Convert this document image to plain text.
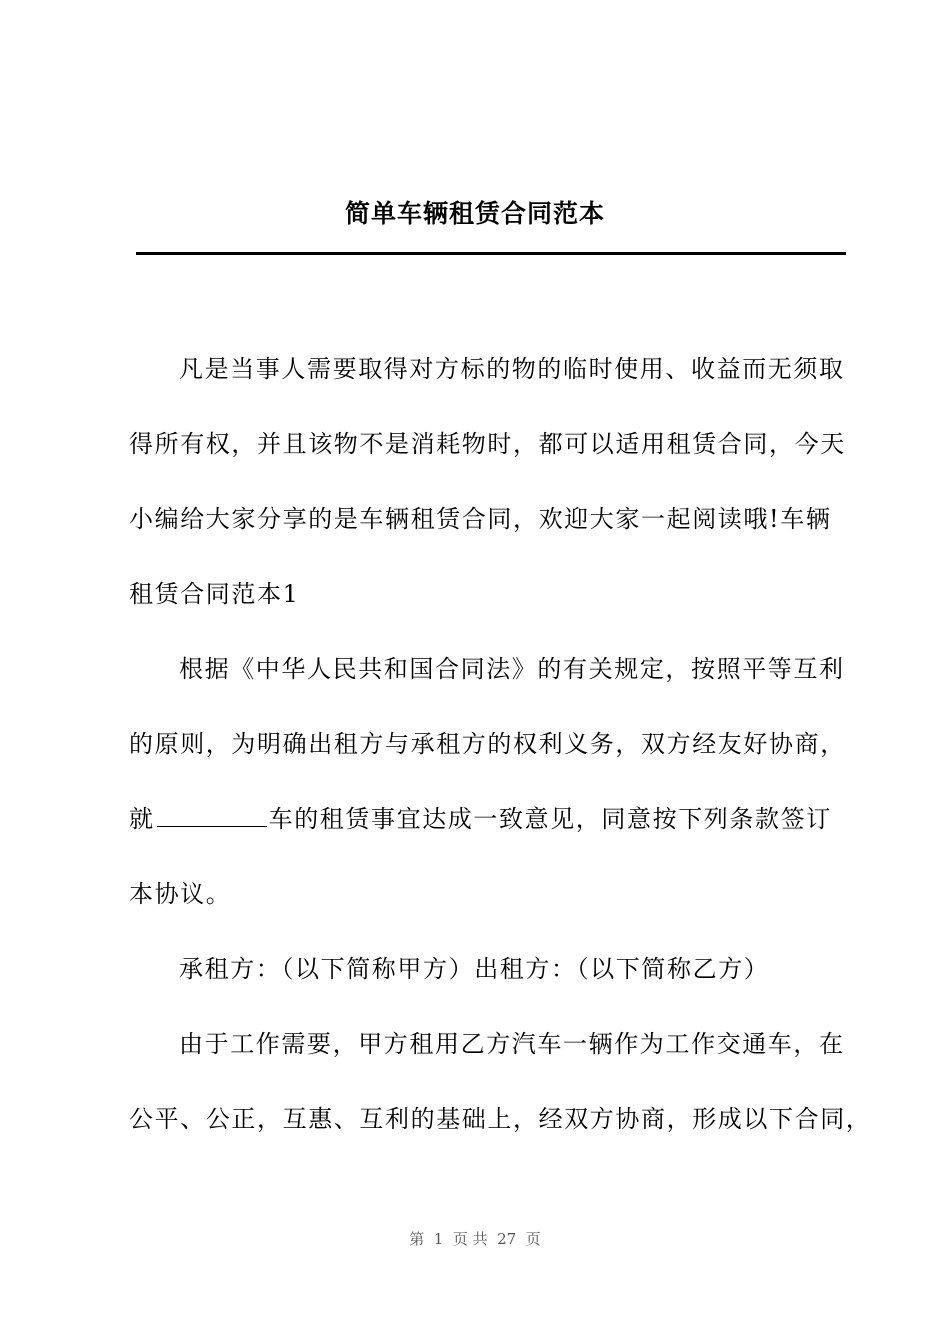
简单车辆租赁合同范本
凡是当事人需要取得对方标的物的临时使用、收益而无须取
得所有权，并且该物不是消耗物时，都可以适用租赁合同，今天
小编给大家分享的是车辆租赁合同，欢迎大家一起阅读哦!车辆
租赁合同范本1
根据《中华人民共和国合同法》的有关规定，按照平等互利
的原则，为明确出租方与承租方的权利义务，双方经友好协商，
就	车的租赁事宜达成一致意见，同意按下列条款签订
本协议。
承租方：（以下简称甲方）出租方：（以下简称乙方）
由于工作需要，甲方租用乙方汽车一辆作为工作交通车，在
公平、公正，互惠、互利的基础上，经双方协商，形成以下合同，
第  1  页 共  27  页
